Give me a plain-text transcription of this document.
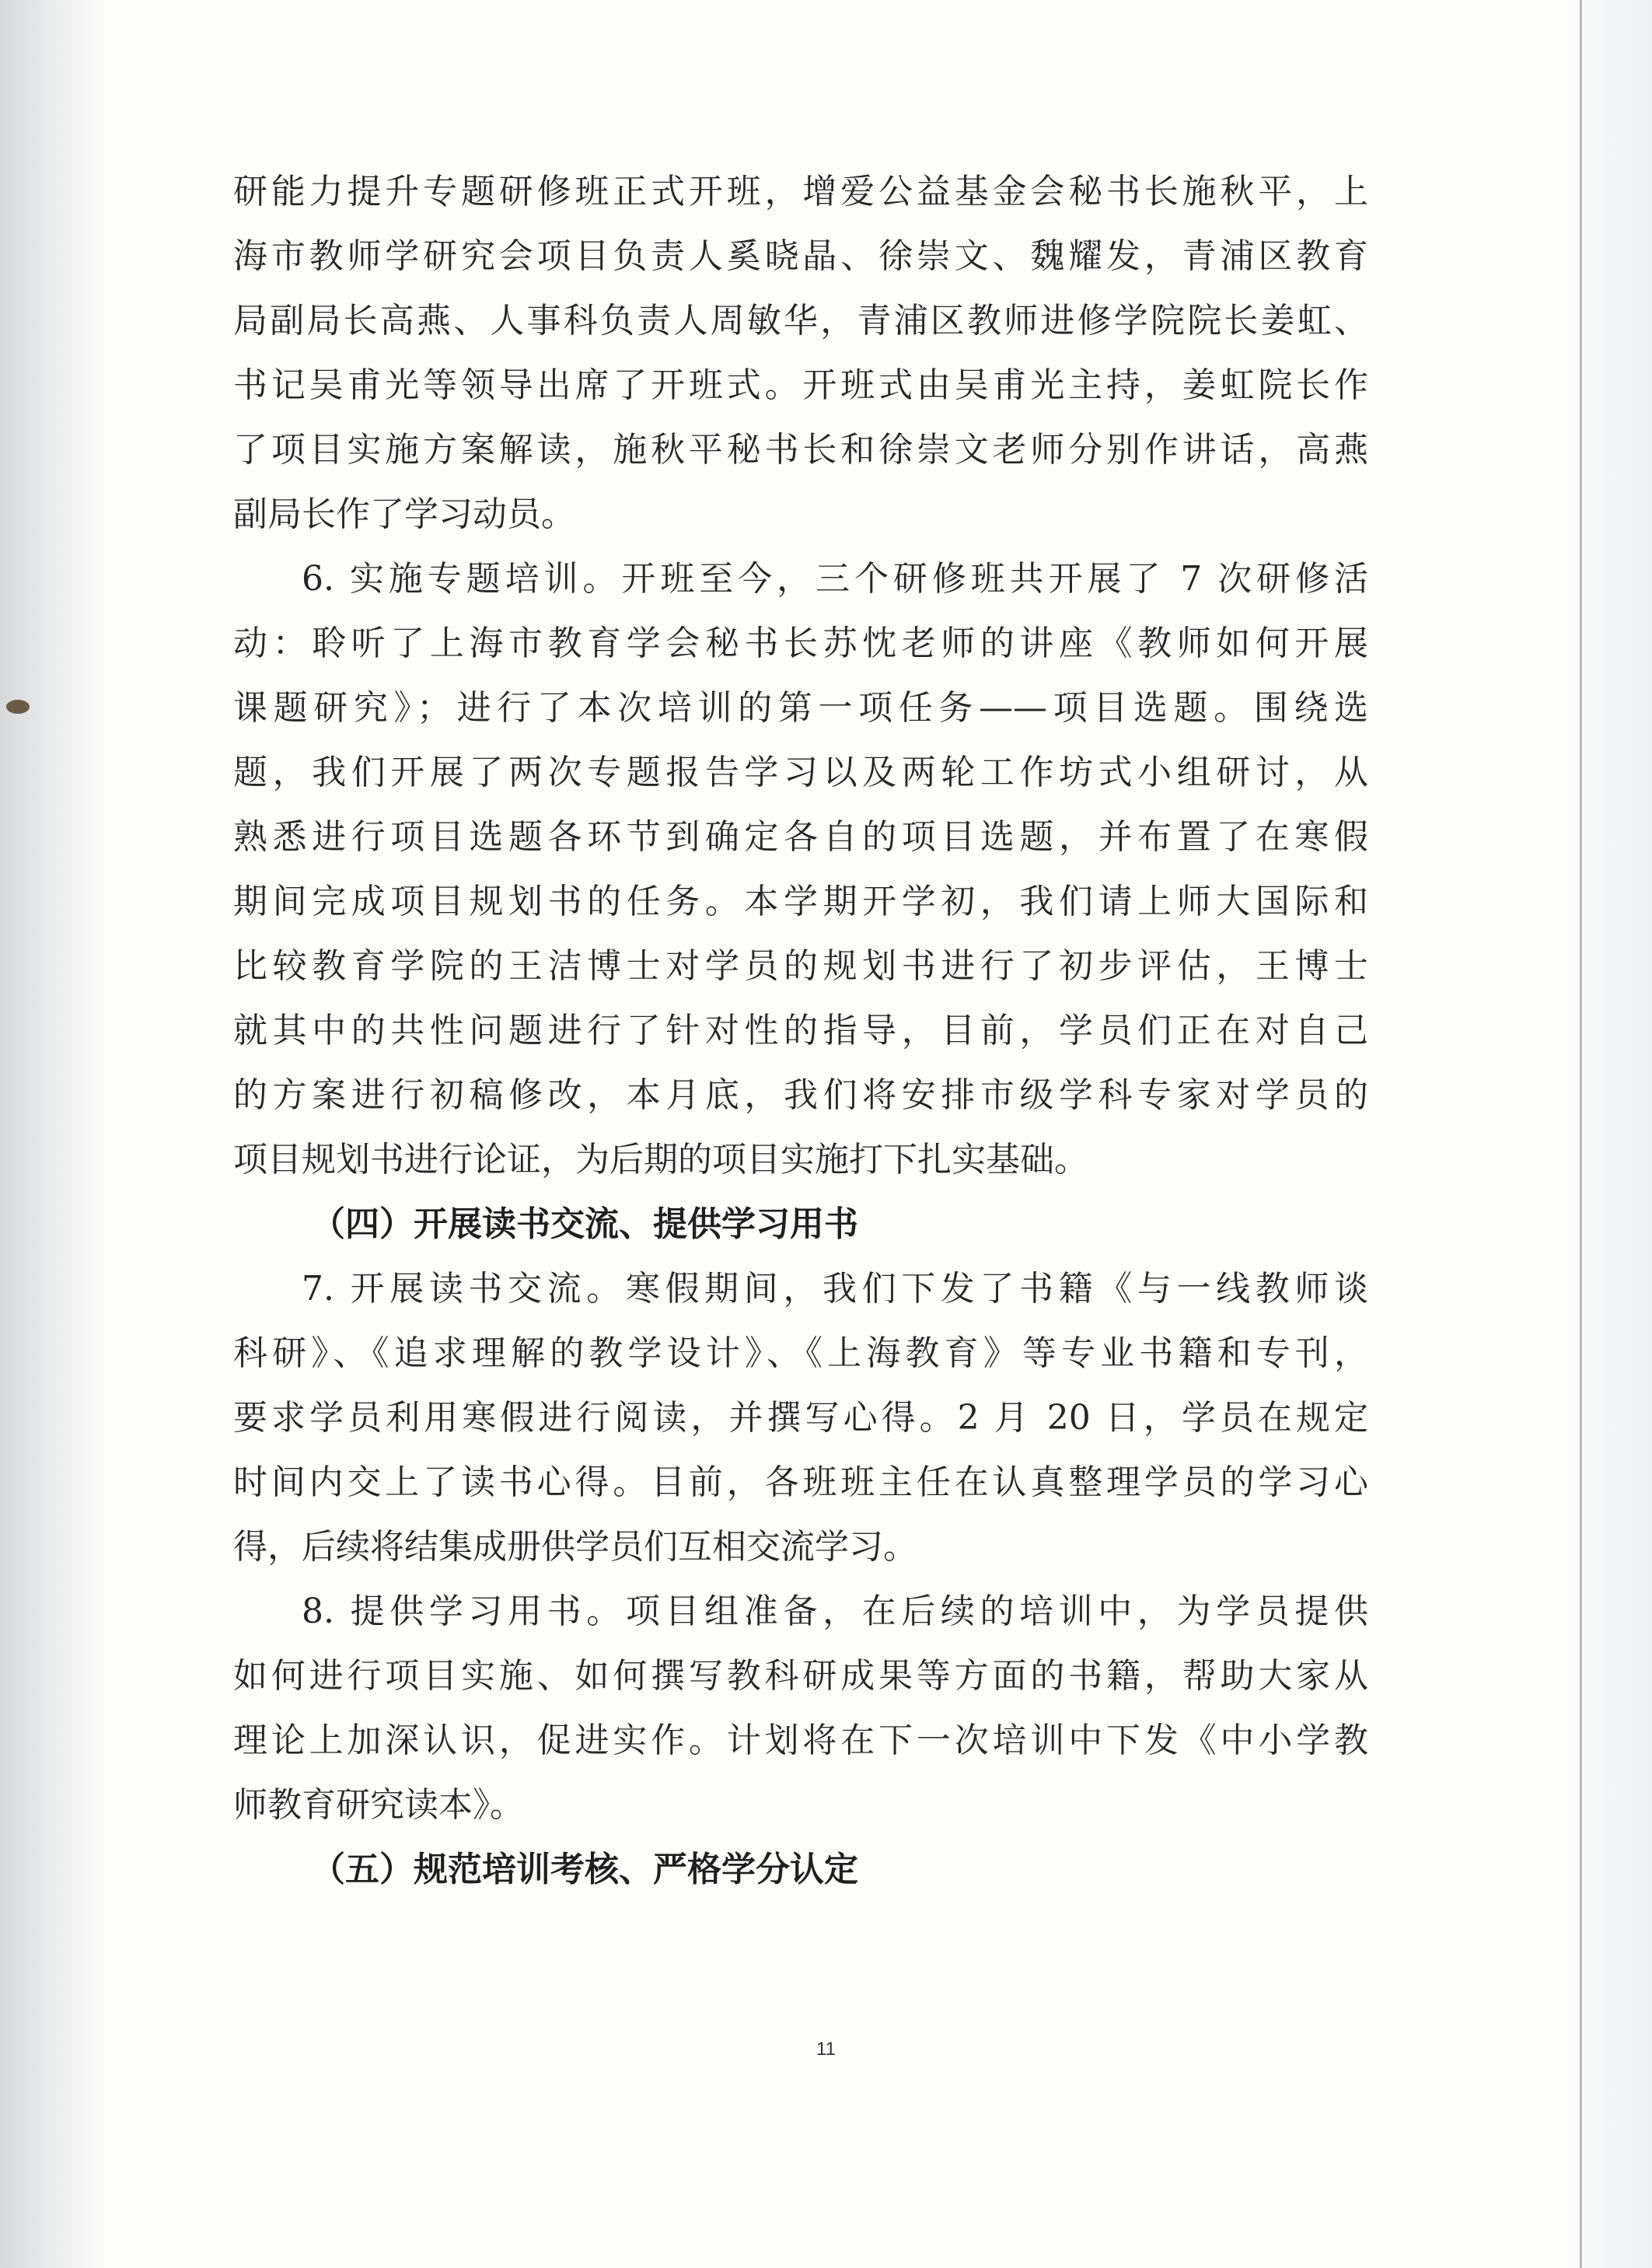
研能力提升专题研修班正式开班，增爱公益基金会秘书长施秋平，上
海市教师学研究会项目负责人奚晓晶、徐崇文、魏耀发，青浦区教育
局副局长高燕、人事科负责人周敏华，青浦区教师进修学院院长姜虹、
书记吴甫光等领导出席了开班式。开班式由吴甫光主持，姜虹院长作
了项目实施方案解读，施秋平秘书长和徐崇文老师分别作讲话，高燕
副局长作了学习动员。
6. 实施专题培训。开班至今，三个研修班共开展了 7 次研修活
动：聆听了上海市教育学会秘书长苏忱老师的讲座《教师如何开展
课题研究》；进行了本次培训的第一项任务——项目选题。围绕选
题，我们开展了两次专题报告学习以及两轮工作坊式小组研讨，从
熟悉进行项目选题各环节到确定各自的项目选题，并布置了在寒假
期间完成项目规划书的任务。本学期开学初，我们请上师大国际和
比较教育学院的王洁博士对学员的规划书进行了初步评估，王博士
就其中的共性问题进行了针对性的指导，目前，学员们正在对自己
的方案进行初稿修改，本月底，我们将安排市级学科专家对学员的
项目规划书进行论证，为后期的项目实施打下扎实基础。
（四）开展读书交流、提供学习用书
7. 开展读书交流。寒假期间，我们下发了书籍《与一线教师谈
科研》、《追求理解的教学设计》、《上海教育》等专业书籍和专刊，
要求学员利用寒假进行阅读，并撰写心得。2 月 20 日，学员在规定
时间内交上了读书心得。目前，各班班主任在认真整理学员的学习心
得，后续将结集成册供学员们互相交流学习。
8. 提供学习用书。项目组准备，在后续的培训中，为学员提供
如何进行项目实施、如何撰写教科研成果等方面的书籍，帮助大家从
理论上加深认识，促进实作。计划将在下一次培训中下发《中小学教
师教育研究读本》。
（五）规范培训考核、严格学分认定
11
